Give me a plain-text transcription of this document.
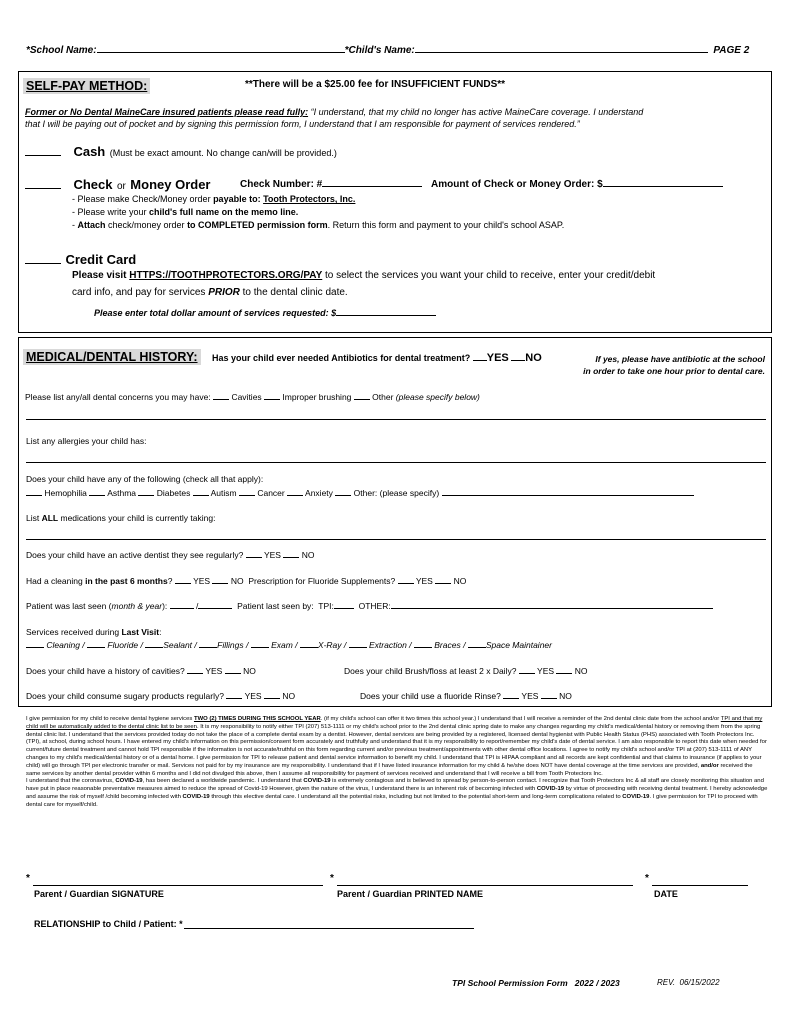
*School Name:	*Child's Name:	PAGE 2
SELF-PAY METHOD:	**There will be a $25.00 fee for INSUFFICIENT FUNDS**
Former or No Dental MaineCare insured patients please read fully: “I understand, that my child no longer has active MaineCare coverage. I understand
that I will be paying out of pocket and by signing this permission form, I understand that I am responsible for payment of services rendered.”
Cash (Must be exact amount. No change can/will be provided.)
Check or Money Order	Check Number: #	Amount of Check or Money Order: $
- Please make Check/Money order payable to: Tooth Protectors, Inc.
- Please write your child's full name on the memo line.
- Attach check/money order to COMPLETED permission form. Return this form and payment to your child's school ASAP.
Credit Card
Please visit HTTPS://TOOTHPROTECTORS.ORG/PAY to select the services you want your child to receive, enter your credit/debit
card info, and pay for services PRIOR to the dental clinic date.
Please enter total dollar amount of services requested: $
MEDICAL/DENTAL HISTORY:	Has your child ever needed Antibiotics for dental treatment? YES NO	If yes, please have antibiotic at the school
in order to take one hour prior to dental care.
Please list any/all dental concerns you may have: Cavities Improper brushing Other (please specify below)
List any allergies your child has:
Does your child have any of the following (check all that apply):
Hemophilia Asthma Diabetes Autism Cancer Anxiety Other: (please specify)
List ALL medications your child is currently taking:
Does your child have an active dentist they see regularly? YES NO
Had a cleaning in the past 6 months? YES NO Prescription for Fluoride Supplements? YES NO
Patient was last seen (month & year):	/	Patient last seen by: TPI:	OTHER:
Services received during Last Visit:
Cleaning /  Fluoride / Sealant / Fillings /  Exam / X-Ray /  Extraction /  Braces / Space Maintainer
Does your child have a history of cavities? YES NO	Does your child Brush/floss at least 2 x Daily? YES NO
Does your child consume sugary products regularly? YES NO	Does your child use a fluoride Rinse? YES NO
I give permission for my child to receive dental hygiene services TWO (2) TIMES DURING THIS SCHOOL YEAR. (if my child's school can offer it two times this school year.) I understand that I will receive a reminder of the 2nd dental clinic date from the school and/or TPI and that my child will be automatically added to the dental clinic list to be seen. It is my responsibility to notify either TPI (207) 513-1111 or my child's school prior to the 2nd dental clinic spring date to make any changes regarding my child's medical/dental history or removing them from the spring dental clinic list. I understand that the services provided today do not take the place of a complete dental exam by a dentist. However, dental services are being provided by a registered, licensed dental hygienist with Public Health Status (PHS) associated with Tooth Protectors Inc. (TPI), at school, during school hours. I have entered my child's information on this permission/consent form accurately and truthfully and understand that it is my responsibility to report/remember my child's date of dental service. I am also responsible to report this date when needed for current/future dental treatment and cannot hold TPI responsible if the information is not accurate/truthful on this form regarding current and/or previous treatment/appointments with other dental office locations. I agree to notify my child's school and/or TPI at (207) 513-1111 of ANY changes to my child's medical/dental history or of a dental home. I give permission for TPI to release patient and dental service information to benefit my child. I understand that TPI is HIPAA compliant and all records are kept confidential and that claims to insurance (if applies to your child) will go through TPI per electronic transfer or mail. Services not paid for by my insurance are my responsibility. I understand that if I have listed insurance information for my child & he/she does NOT have dental coverage at the time services are provided, and/or received the same services by another dental provider within 6 months and I did not divulged this above, then I assume all responsibility for payment of services received and understand that I will receive a bill from Tooth Protectors Inc.
I understand that the coronavirus, COVID-19, has been declared a worldwide pandemic. I understand that COVID-19 is extremely contagious and is believed to spread by person-to-person contact. I recognize that Tooth Protectors Inc & all staff are closely monitoring this situation and have put in place reasonable preventative measures aimed to reduce the spread of Covid-19 However, given the nature of the virus, I understand there is an inherent risk of becoming infected with COVID-19 by virtue of proceeding with receiving dental treatment. I hereby acknowledge and assume the risk of myself /child becoming infected with COVID-19 through this elective dental care. I understand all the potential risks, including but not limited to the potential short-term and long-term complications related to COVID-19. I give permission for TPI to proceed with dental care for myself/child.
*
Parent / Guardian SIGNATURE
*
Parent / Guardian PRINTED NAME
*
DATE
RELATIONSHIP to Child / Patient: *
TPI School Permission Form   2022 / 2023	REV.  06/15/2022
